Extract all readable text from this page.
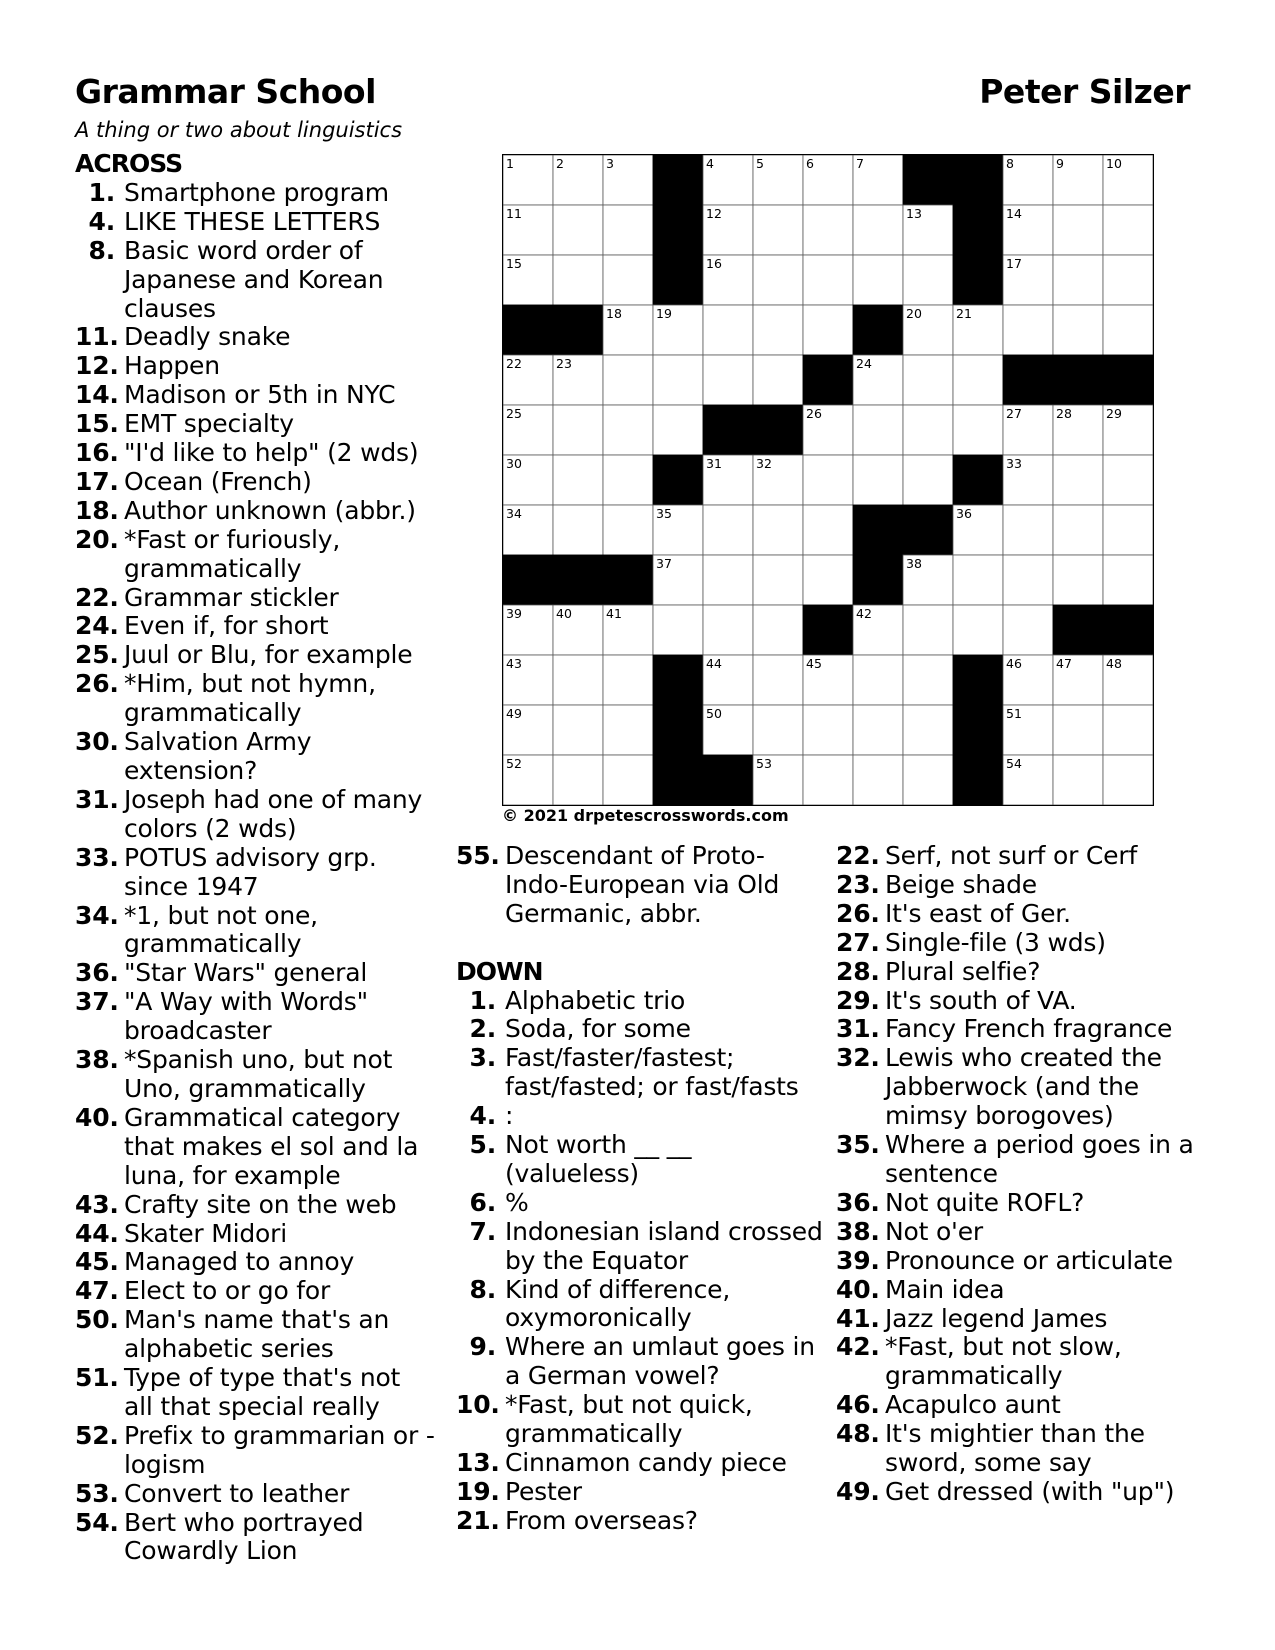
Grammar School	Peter Silzer

A thing or two about linguistics

ACROSS

1. Smartphone program

4. LIKE THESE LETTERS

8. Basic word order of Japanese and Korean clauses

11. Deadly snake

12. Happen

14. Madison or 5th in NYC

15. EMT specialty

16. "I'd like to help" (2 wds)

17. Ocean (French)

18. Author unknown (abbr.)

20. *Fast or furiously, grammatically

22. Grammar stickler

24. Even if, for short

25. Juul or Blu, for example

26. *Him, but not hymn, grammatically

30. Salvation Army extension?

31. Joseph had one of many colors (2 wds)

33. POTUS advisory grp. since 1947

34. *1, but not one, grammatically

36. "Star Wars" general

37. "A Way with Words" broadcaster

38. *Spanish uno, but not Uno, grammatically

40. Grammatical category that makes el sol and la luna, for example

43. Crafty site on the web

44. Skater Midori

45. Managed to annoy

47. Elect to or go for

50. Man's name that's an alphabetic series

51. Type of type that's not all that special really

52. Prefix to grammarian or -logism

53. Convert to leather

54. Bert who portrayed Cowardly Lion

55. Descendant of Proto-Indo-European via Old Germanic, abbr.

DOWN

1. Alphabetic trio

2. Soda, for some

3. Fast/faster/fastest; fast/fasted; or fast/fasts

4. :

5. Not worth __ __ (valueless)

6. %

7. Indonesian island crossed by the Equator

8. Kind of difference, oxymoronically

9. Where an umlaut goes in a German vowel?

10. *Fast, but not quick, grammatically

13. Cinnamon candy piece

19. Pester

21. From overseas?

22. Serf, not surf or Cerf

23. Beige shade

26. It's east of Ger.

27. Single-file (3 wds)

28. Plural selfie?

29. It's south of VA.

31. Fancy French fragrance

32. Lewis who created the Jabberwock (and the mimsy borogoves)

35. Where a period goes in a sentence

36. Not quite ROFL?

38. Not o'er

39. Pronounce or articulate

40. Main idea

41. Jazz legend James

42. *Fast, but not slow, grammatically

46. Acapulco aunt

48. It's mightier than the sword, some say

49. Get dressed (with "up")

1	2	3	4	5	6	7	8	9	10
11	12	13	14
15	16	17
18	19	20	21
22	23	24
25	26	27	28	29
30	31	32	33
34	35	36
37	38
39	40	41	42
43	44	45	46	47	48
49	50	51
52	53	54

© 2021 drpetescrosswords.com
